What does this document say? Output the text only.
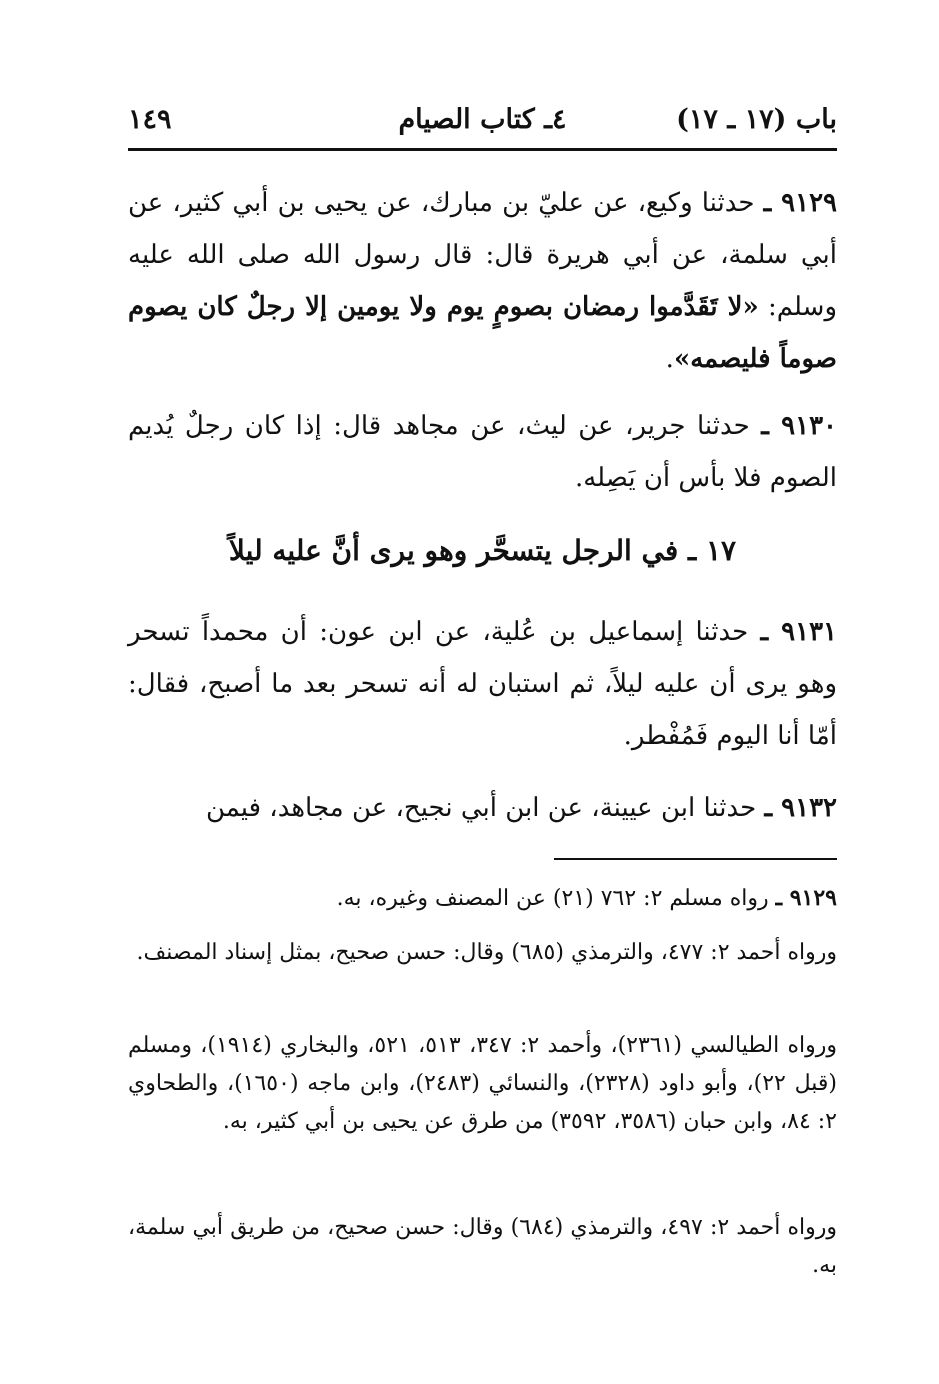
باب (١٧ ـ ١٧)
٤ـ كتاب الصيام
١٤٩

٩١٢٩ ـ حدثنا وكيع، عن عليّ بن مبارك، عن يحيى بن أبي كثير، عن أبي سلمة، عن أبي هريرة قال: قال رسول الله صلى الله عليه وسلم: «لا تَقَدَّموا رمضان بصومٍ يوم ولا يومين إلا رجلٌ كان يصوم صوماً فليصمه».

٩١٣٠ ـ حدثنا جرير، عن ليث، عن مجاهد قال: إذا كان رجلٌ يُديم الصوم فلا بأس أن يَصِله.

١٧ ـ في الرجل يتسحَّر وهو يرى أنَّ عليه ليلاً

٩١٣١ ـ حدثنا إسماعيل بن عُلية، عن ابن عون: أن محمداً تسحر وهو يرى أن عليه ليلاً، ثم استبان له أنه تسحر بعد ما أصبح، فقال: أمّا أنا اليوم فَمُفْطر.

٩١٣٢ ـ حدثنا ابن عيينة، عن ابن أبي نجيح، عن مجاهد، فيمن

٩١٢٩ ـ رواه مسلم ٢: ٧٦٢ (٢١) عن المصنف وغيره، به.

ورواه أحمد ٢: ٤٧٧، والترمذي (٦٨٥) وقال: حسن صحيح، بمثل إسناد المصنف.

ورواه الطيالسي (٢٣٦١)، وأحمد ٢: ٣٤٧، ٥١٣، ٥٢١، والبخاري (١٩١٤)، ومسلم (قبل ٢٢)، وأبو داود (٢٣٢٨)، والنسائي (٢٤٨٣)، وابن ماجه (١٦٥٠)، والطحاوي ٢: ٨٤، وابن حبان (٣٥٨٦، ٣٥٩٢) من طرق عن يحيى بن أبي كثير، به.

ورواه أحمد ٢: ٤٩٧، والترمذي (٦٨٤) وقال: حسن صحيح، من طريق أبي سلمة، به.
